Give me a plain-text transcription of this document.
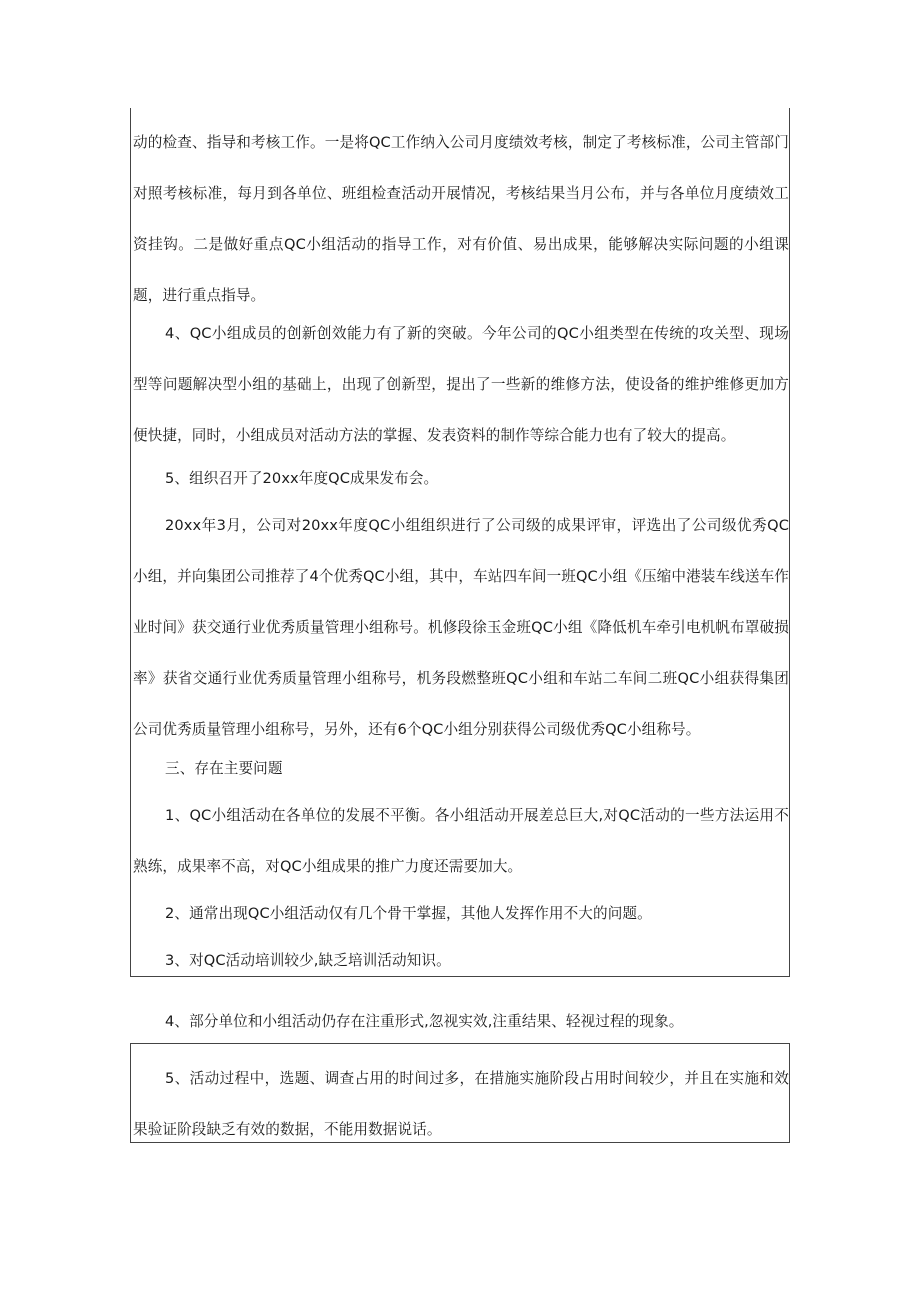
动的检查、指导和考核工作。一是将QC工作纳入公司月度绩效考核，制定了考核标准，公司主管部门对照考核标准，每月到各单位、班组检查活动开展情况，考核结果当月公布，并与各单位月度绩效工资挂钩。二是做好重点QC小组活动的指导工作，对有价值、易出成果，能够解决实际问题的小组课题，进行重点指导。

4、QC小组成员的创新创效能力有了新的突破。今年公司的QC小组类型在传统的攻关型、现场型等问题解决型小组的基础上，出现了创新型，提出了一些新的维修方法，使设备的维护维修更加方便快捷，同时，小组成员对活动方法的掌握、发表资料的制作等综合能力也有了较大的提高。

5、组织召开了20xx年度QC成果发布会。

20xx年3月，公司对20xx年度QC小组组织进行了公司级的成果评审，评选出了公司级优秀QC小组，并向集团公司推荐了4个优秀QC小组，其中，车站四车间一班QC小组《压缩中港装车线送车作业时间》获交通行业优秀质量管理小组称号。机修段徐玉金班QC小组《降低机车牵引电机帆布罩破损率》获省交通行业优秀质量管理小组称号，机务段燃整班QC小组和车站二车间二班QC小组获得集团公司优秀质量管理小组称号，另外，还有6个QC小组分别获得公司级优秀QC小组称号。

三、存在主要问题

1、QC小组活动在各单位的发展不平衡。各小组活动开展差总巨大,对QC活动的一些方法运用不熟练，成果率不高，对QC小组成果的推广力度还需要加大。

2、通常出现QC小组活动仅有几个骨干掌握，其他人发挥作用不大的问题。

3、对QC活动培训较少,缺乏培训活动知识。

4、部分单位和小组活动仍存在注重形式,忽视实效,注重结果、轻视过程的现象。

5、活动过程中，选题、调查占用的时间过多，在措施实施阶段占用时间较少，并且在实施和效果验证阶段缺乏有效的数据，不能用数据说话。
